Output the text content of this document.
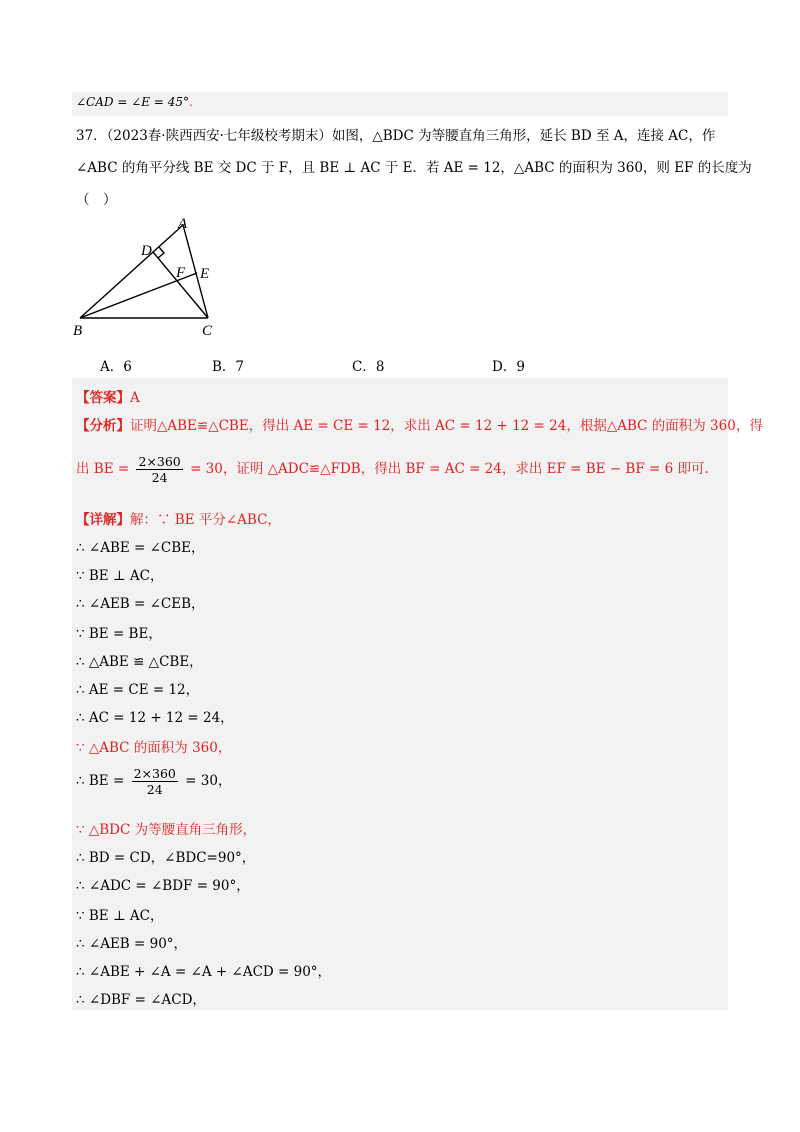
∠CAD = ∠E = 45°.
37．（2023春·陕西西安·七年级校考期末）如图，△BDC 为等腰直角三角形，延长 BD 至 A，连接 AC，作
∠ABC 的角平分线 BE 交 DC 于 F，且 BE ⊥ AC 于 E．若 AE = 12，△ABC 的面积为 360，则 EF 的长度为
（　）
A
D
F E
B	C
A．6	B．7	C．8	D．9
【答案】A
【分析】证明△ABE≌△CBE，得出 AE = CE = 12，求出 AC = 12 + 12 = 24，根据△ABC 的面积为 360，得
出 BE = $\frac{2\times 360}{24} = 30$，证明 △ADC≌△FDB，得出 BF = AC = 24，求出 EF = BE − BF = 6 即可.
【详解】解：∵ BE 平分∠ABC，
∴ ∠ABE = ∠CBE，
∵ BE ⊥ AC，
∴ ∠AEB = ∠CEB，
∵ BE = BE，
∴ △ABE ≌ △CBE，
∴ AE = CE = 12，
∴ AC = 12 + 12 = 24，
∵ △ABC 的面积为 360，
∴ BE = $\frac{2\times 360}{24} = 30$，
∵ △BDC 为等腰直角三角形，
∴ BD = CD，∠BDC=90°，
∴ ∠ADC = ∠BDF = 90°，
∵ BE ⊥ AC，
∴ ∠AEB = 90°，
∴ ∠ABE + ∠A = ∠A + ∠ACD = 90°，
∴ ∠DBF = ∠ACD，
